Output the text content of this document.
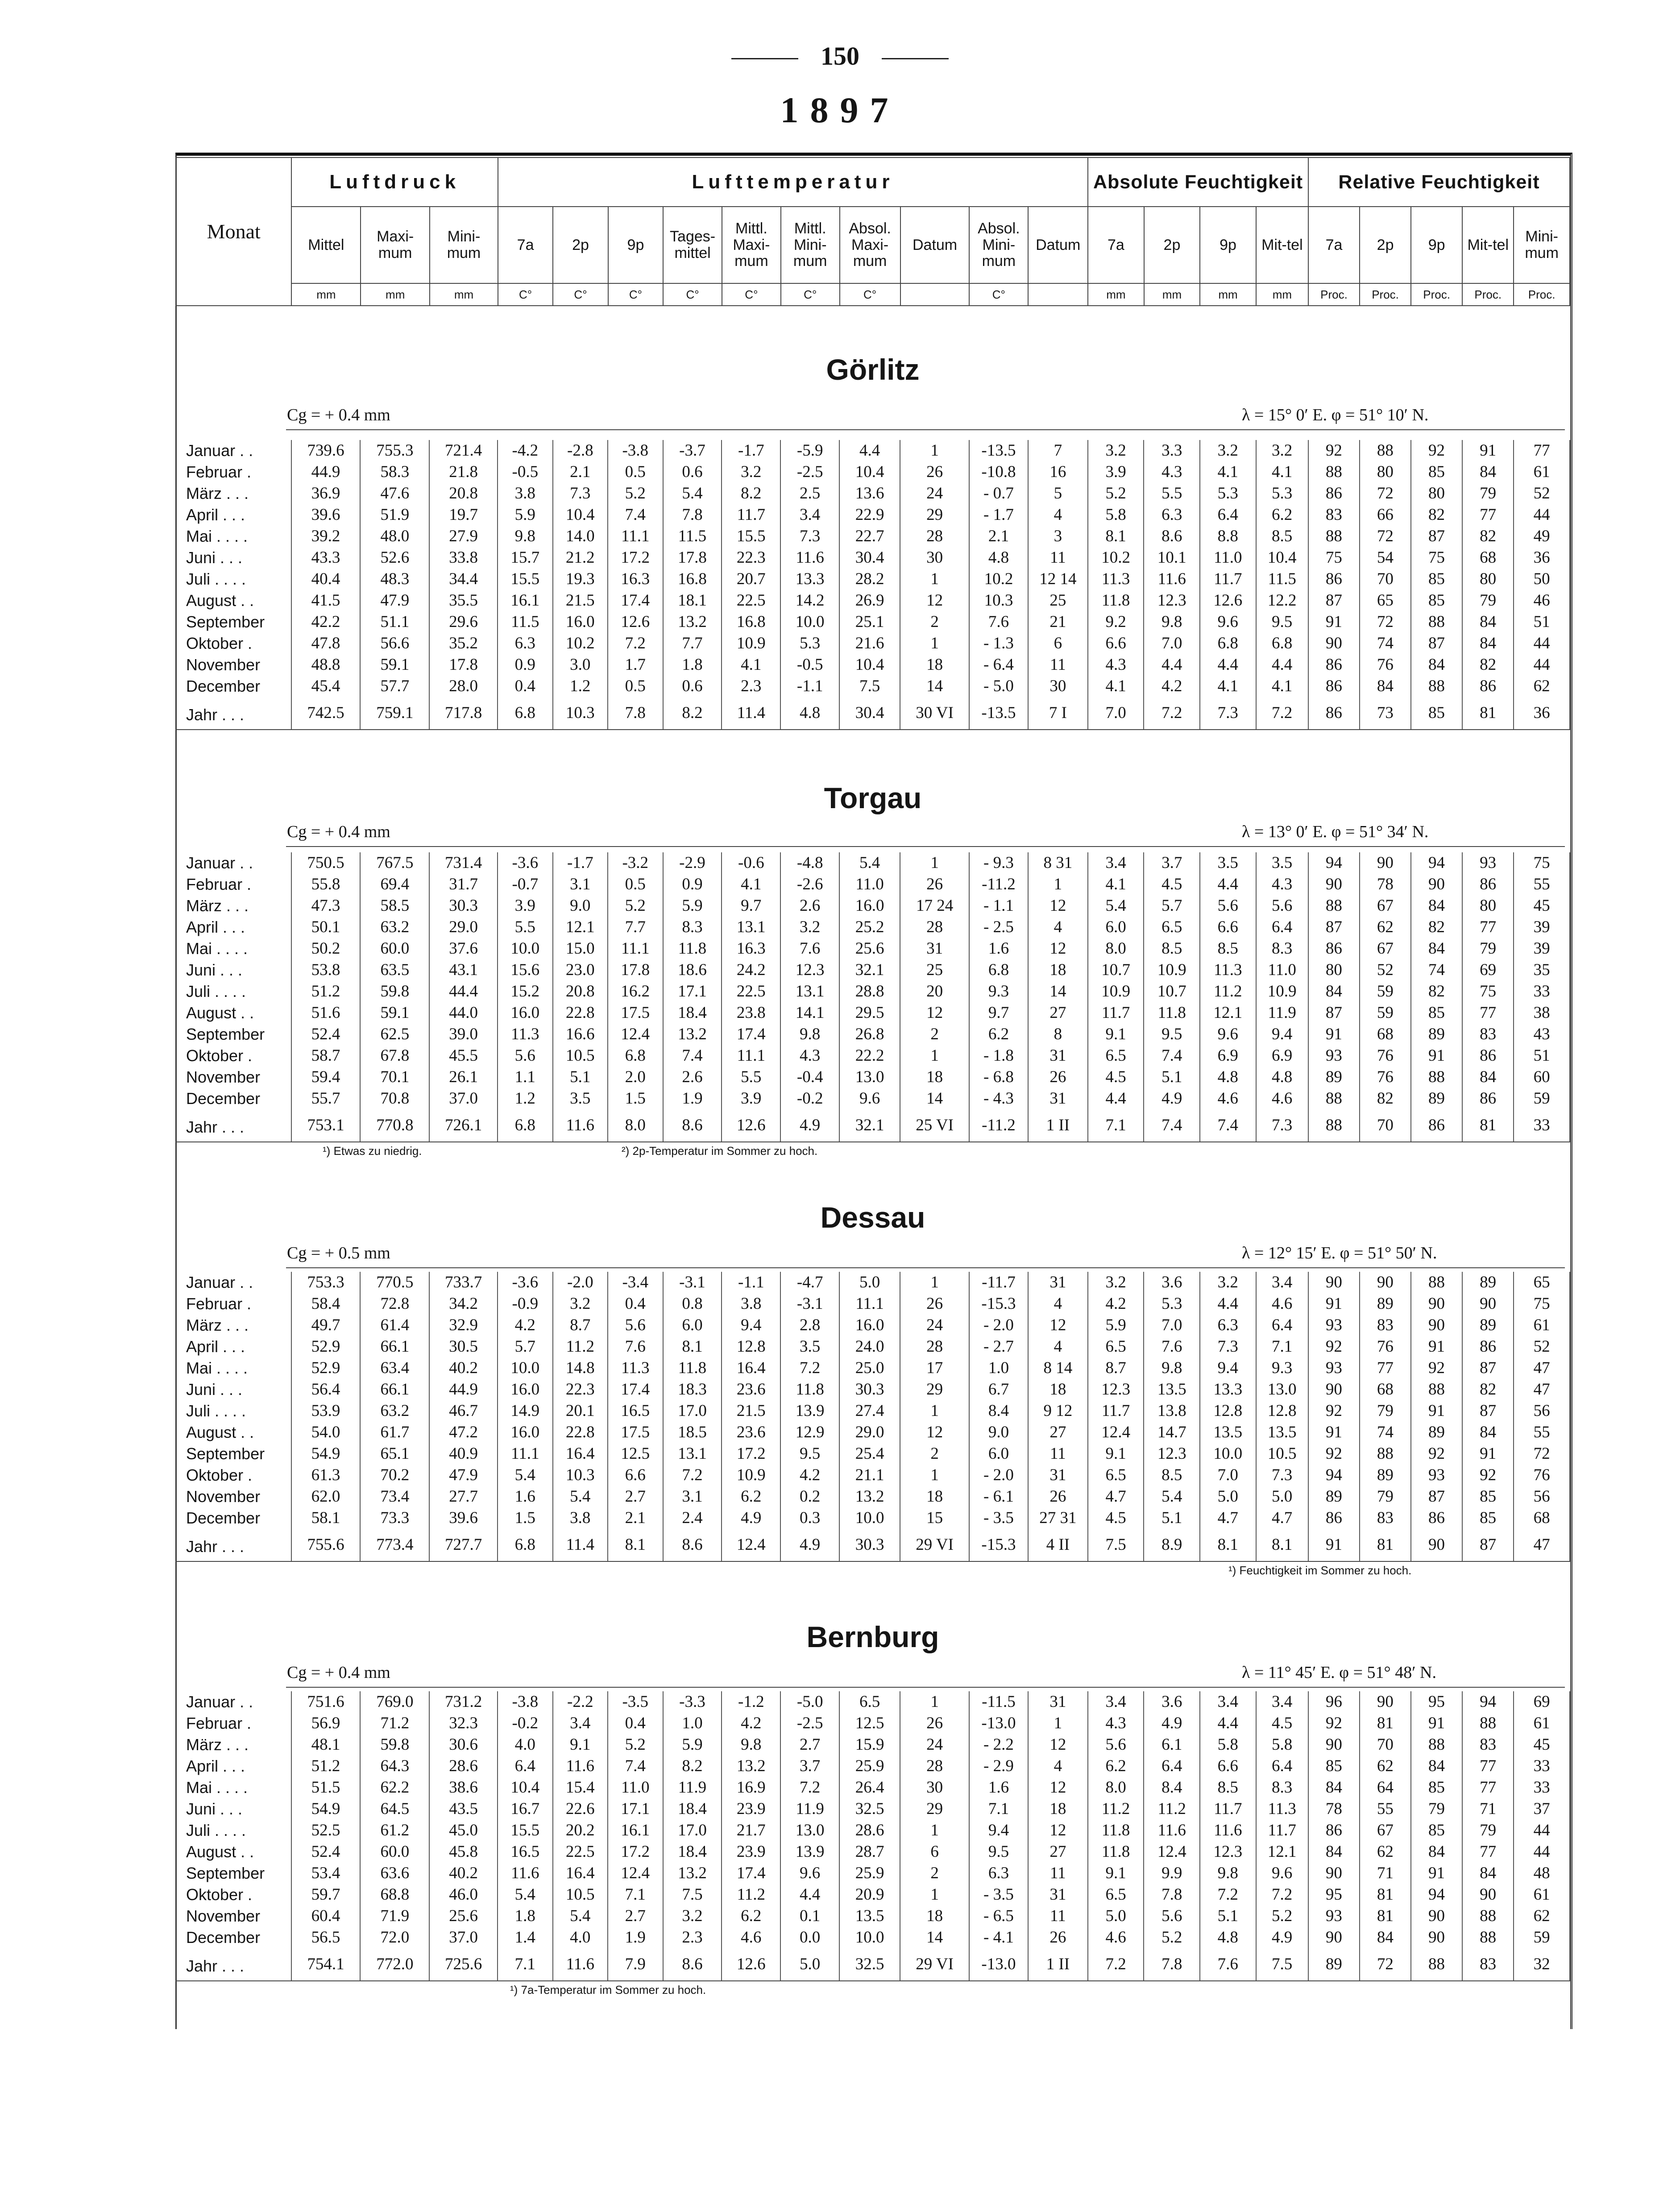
150
1897
Monat	Luftdruck			Lufttemperatur										Absolute Feuchtigkeit				Relative Feuchtigkeit				
	Mittel	Maxi-mum	Mini-mum	7a	2p	9p	Tages-mittel	Mittl. Maxi-mum	Mittl. Mini-mum	Absol. Maxi-mum	Datum	Absol. Mini-mum	Datum	7a	2p	9p	Mit-tel	7a	2p	9p	Mit-tel	Mini-mum
	mm	mm	mm	C°	C°	C°	C°	C°	C°	C°		C°		mm	mm	mm	mm	Proc.	Proc.	Proc.	Proc.	Proc.
Görlitz
Cg = + 0.4 mm	λ = 15° 0′ E. φ = 51° 10′ N.
Januar . .	739.6	755.3	721.4	-4.2	-2.8	-3.8	-3.7	-1.7	-5.9	4.4	1	-13.5	7	3.2	3.3	3.2	3.2	92	88	92	91	77
Februar .	44.9	58.3	21.8	-0.5	2.1	0.5	0.6	3.2	-2.5	10.4	26	-10.8	16	3.9	4.3	4.1	4.1	88	80	85	84	61
März . . .	36.9	47.6	20.8	3.8	7.3	5.2	5.4	8.2	2.5	13.6	24	- 0.7	5	5.2	5.5	5.3	5.3	86	72	80	79	52
April . . .	39.6	51.9	19.7	5.9	10.4	7.4	7.8	11.7	3.4	22.9	29	- 1.7	4	5.8	6.3	6.4	6.2	83	66	82	77	44
Mai . . . .	39.2	48.0	27.9	9.8	14.0	11.1	11.5	15.5	7.3	22.7	28	2.1	3	8.1	8.6	8.8	8.5	88	72	87	82	49
Juni . . .	43.3	52.6	33.8	15.7	21.2	17.2	17.8	22.3	11.6	30.4	30	4.8	11	10.2	10.1	11.0	10.4	75	54	75	68	36
Juli . . . .	40.4	48.3	34.4	15.5	19.3	16.3	16.8	20.7	13.3	28.2	1	10.2	12 14	11.3	11.6	11.7	11.5	86	70	85	80	50
August . .	41.5	47.9	35.5	16.1	21.5	17.4	18.1	22.5	14.2	26.9	12	10.3	25	11.8	12.3	12.6	12.2	87	65	85	79	46
September	42.2	51.1	29.6	11.5	16.0	12.6	13.2	16.8	10.0	25.1	2	7.6	21	9.2	9.8	9.6	9.5	91	72	88	84	51
Oktober .	47.8	56.6	35.2	6.3	10.2	7.2	7.7	10.9	5.3	21.6	1	- 1.3	6	6.6	7.0	6.8	6.8	90	74	87	84	44
November	48.8	59.1	17.8	0.9	3.0	1.7	1.8	4.1	-0.5	10.4	18	- 6.4	11	4.3	4.4	4.4	4.4	86	76	84	82	44
December	45.4	57.7	28.0	0.4	1.2	0.5	0.6	2.3	-1.1	7.5	14	- 5.0	30	4.1	4.2	4.1	4.1	86	84	88	86	62
Jahr . . .	742.5	759.1	717.8	6.8	10.3	7.8	8.2	11.4	4.8	30.4	30 VI	-13.5	7 I	7.0	7.2	7.3	7.2	86	73	85	81	36
Torgau
Cg = + 0.4 mm	λ = 13° 0′ E. φ = 51° 34′ N.
Januar . .	750.5	767.5	731.4	-3.6	-1.7	-3.2	-2.9	-0.6	-4.8	5.4	1	- 9.3	8 31	3.4	3.7	3.5	3.5	94	90	94	93	75
Februar .	55.8	69.4	31.7	-0.7	3.1	0.5	0.9	4.1	-2.6	11.0	26	-11.2	1	4.1	4.5	4.4	4.3	90	78	90	86	55
März . . .	47.3	58.5	30.3	3.9	9.0	5.2	5.9	9.7	2.6	16.0	17 24	- 1.1	12	5.4	5.7	5.6	5.6	88	67	84	80	45
April . . .	50.1	63.2	29.0	5.5	12.1	7.7	8.3	13.1	3.2	25.2	28	- 2.5	4	6.0	6.5	6.6	6.4	87	62	82	77	39
Mai . . . .	50.2	60.0	37.6	10.0	15.0	11.1	11.8	16.3	7.6	25.6	31	1.6	12	8.0	8.5	8.5	8.3	86	67	84	79	39
Juni . . .	53.8	63.5	43.1	15.6	23.0	17.8	18.6	24.2	12.3	32.1	25	6.8	18	10.7	10.9	11.3	11.0	80	52	74	69	35
Juli . . . .	51.2	59.8	44.4	15.2	20.8	16.2	17.1	22.5	13.1	28.8	20	9.3	14	10.9	10.7	11.2	10.9	84	59	82	75	33
August . .	51.6	59.1	44.0	16.0	22.8	17.5	18.4	23.8	14.1	29.5	12	9.7	27	11.7	11.8	12.1	11.9	87	59	85	77	38
September	52.4	62.5	39.0	11.3	16.6	12.4	13.2	17.4	9.8	26.8	2	6.2	8	9.1	9.5	9.6	9.4	91	68	89	83	43
Oktober .	58.7	67.8	45.5	5.6	10.5	6.8	7.4	11.1	4.3	22.2	1	- 1.8	31	6.5	7.4	6.9	6.9	93	76	91	86	51
November	59.4	70.1	26.1	1.1	5.1	2.0	2.6	5.5	-0.4	13.0	18	- 6.8	26	4.5	5.1	4.8	4.8	89	76	88	84	60
December	55.7	70.8	37.0	1.2	3.5	1.5	1.9	3.9	-0.2	9.6	14	- 4.3	31	4.4	4.9	4.6	4.6	88	82	89	86	59
Jahr . . .	753.1	770.8	726.1	6.8	11.6	8.0	8.6	12.6	4.9	32.1	25 VI	-11.2	1 II	7.1	7.4	7.4	7.3	88	70	86	81	33
¹) Etwas zu niedrig.	²) 2p-Temperatur im Sommer zu hoch.
Dessau
Cg = + 0.5 mm	λ = 12° 15′ E. φ = 51° 50′ N.
Januar . .	753.3	770.5	733.7	-3.6	-2.0	-3.4	-3.1	-1.1	-4.7	5.0	1	-11.7	31	3.2	3.6	3.2	3.4	90	90	88	89	65
Februar .	58.4	72.8	34.2	-0.9	3.2	0.4	0.8	3.8	-3.1	11.1	26	-15.3	4	4.2	5.3	4.4	4.6	91	89	90	90	75
März . . .	49.7	61.4	32.9	4.2	8.7	5.6	6.0	9.4	2.8	16.0	24	- 2.0	12	5.9	7.0	6.3	6.4	93	83	90	89	61
April . . .	52.9	66.1	30.5	5.7	11.2	7.6	8.1	12.8	3.5	24.0	28	- 2.7	4	6.5	7.6	7.3	7.1	92	76	91	86	52
Mai . . . .	52.9	63.4	40.2	10.0	14.8	11.3	11.8	16.4	7.2	25.0	17	1.0	8 14	8.7	9.8	9.4	9.3	93	77	92	87	47
Juni . . .	56.4	66.1	44.9	16.0	22.3	17.4	18.3	23.6	11.8	30.3	29	6.7	18	12.3	13.5	13.3	13.0	90	68	88	82	47
Juli . . . .	53.9	63.2	46.7	14.9	20.1	16.5	17.0	21.5	13.9	27.4	1	8.4	9 12	11.7	13.8	12.8	12.8	92	79	91	87	56
August . .	54.0	61.7	47.2	16.0	22.8	17.5	18.5	23.6	12.9	29.0	12	9.0	27	12.4	14.7	13.5	13.5	91	74	89	84	55
September	54.9	65.1	40.9	11.1	16.4	12.5	13.1	17.2	9.5	25.4	2	6.0	11	9.1	12.3	10.0	10.5	92	88	92	91	72
Oktober .	61.3	70.2	47.9	5.4	10.3	6.6	7.2	10.9	4.2	21.1	1	- 2.0	31	6.5	8.5	7.0	7.3	94	89	93	92	76
November	62.0	73.4	27.7	1.6	5.4	2.7	3.1	6.2	0.2	13.2	18	- 6.1	26	4.7	5.4	5.0	5.0	89	79	87	85	56
December	58.1	73.3	39.6	1.5	3.8	2.1	2.4	4.9	0.3	10.0	15	- 3.5	27 31	4.5	5.1	4.7	4.7	86	83	86	85	68
Jahr . . .	755.6	773.4	727.7	6.8	11.4	8.1	8.6	12.4	4.9	30.3	29 VI	-15.3	4 II	7.5	8.9	8.1	8.1	91	81	90	87	47
¹) Feuchtigkeit im Sommer zu hoch.
Bernburg
Cg = + 0.4 mm	λ = 11° 45′ E. φ = 51° 48′ N.
Januar . .	751.6	769.0	731.2	-3.8	-2.2	-3.5	-3.3	-1.2	-5.0	6.5	1	-11.5	31	3.4	3.6	3.4	3.4	96	90	95	94	69
Februar .	56.9	71.2	32.3	-0.2	3.4	0.4	1.0	4.2	-2.5	12.5	26	-13.0	1	4.3	4.9	4.4	4.5	92	81	91	88	61
März . . .	48.1	59.8	30.6	4.0	9.1	5.2	5.9	9.8	2.7	15.9	24	- 2.2	12	5.6	6.1	5.8	5.8	90	70	88	83	45
April . . .	51.2	64.3	28.6	6.4	11.6	7.4	8.2	13.2	3.7	25.9	28	- 2.9	4	6.2	6.4	6.6	6.4	85	62	84	77	33
Mai . . . .	51.5	62.2	38.6	10.4	15.4	11.0	11.9	16.9	7.2	26.4	30	1.6	12	8.0	8.4	8.5	8.3	84	64	85	77	33
Juni . . .	54.9	64.5	43.5	16.7	22.6	17.1	18.4	23.9	11.9	32.5	29	7.1	18	11.2	11.2	11.7	11.3	78	55	79	71	37
Juli . . . .	52.5	61.2	45.0	15.5	20.2	16.1	17.0	21.7	13.0	28.6	1	9.4	12	11.8	11.6	11.6	11.7	86	67	85	79	44
August . .	52.4	60.0	45.8	16.5	22.5	17.2	18.4	23.9	13.9	28.7	6	9.5	27	11.8	12.4	12.3	12.1	84	62	84	77	44
September	53.4	63.6	40.2	11.6	16.4	12.4	13.2	17.4	9.6	25.9	2	6.3	11	9.1	9.9	9.8	9.6	90	71	91	84	48
Oktober .	59.7	68.8	46.0	5.4	10.5	7.1	7.5	11.2	4.4	20.9	1	- 3.5	31	6.5	7.8	7.2	7.2	95	81	94	90	61
November	60.4	71.9	25.6	1.8	5.4	2.7	3.2	6.2	0.1	13.5	18	- 6.5	11	5.0	5.6	5.1	5.2	93	81	90	88	62
December	56.5	72.0	37.0	1.4	4.0	1.9	2.3	4.6	0.0	10.0	14	- 4.1	26	4.6	5.2	4.8	4.9	90	84	90	88	59
Jahr . . .	754.1	772.0	725.6	7.1	11.6	7.9	8.6	12.6	5.0	32.5	29 VI	-13.0	1 II	7.2	7.8	7.6	7.5	89	72	88	83	32
¹) 7a-Temperatur im Sommer zu hoch.
